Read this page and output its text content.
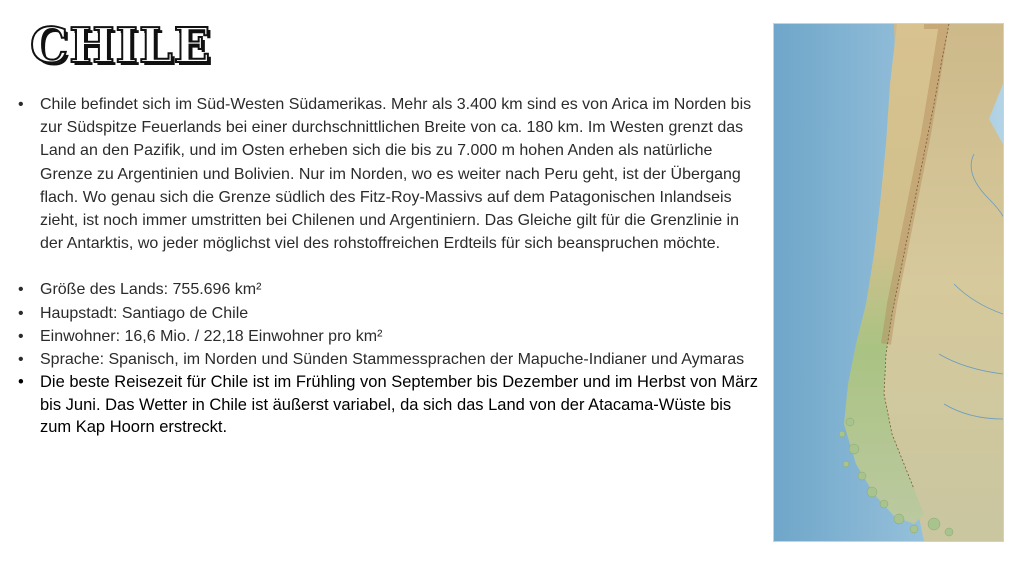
CHILE
• Chile befindet sich im Süd-Westen Südamerikas. Mehr als 3.400 km sind es von Arica im Norden bis zur Südspitze Feuerlands bei einer durchschnittlichen Breite von ca. 180 km. Im Westen grenzt das Land an den Pazifik, und im Osten erheben sich die bis zu 7.000 m hohen Anden als natürliche Grenze zu Argentinien und Bolivien. Nur im Norden, wo es weiter nach Peru geht, ist der Übergang flach. Wo genau sich die Grenze südlich des Fitz-Roy-Massivs auf dem Patagonischen Inlandseis zieht, ist noch immer umstritten bei Chilenen und Argentiniern. Das Gleiche gilt für die Grenzlinie in der Antarktis, wo jeder möglichst viel des rohstoffreichen Erdteils für sich beanspruchen möchte.
• Größe des Lands: 755.696 km²
• Haupstadt: Santiago de Chile
• Einwohner: 16,6 Mio. / 22,18 Einwohner pro km²
• Sprache: Spanisch, im Norden und Sünden Stammessprachen der Mapuche-Indianer und Aymaras
• Die beste Reisezeit für Chile ist im Frühling von September bis Dezember und im Herbst von März bis Juni. Das Wetter in Chile ist äußerst variabel, da sich das Land von der Atacama-Wüste bis zum Kap Hoorn erstreckt.
